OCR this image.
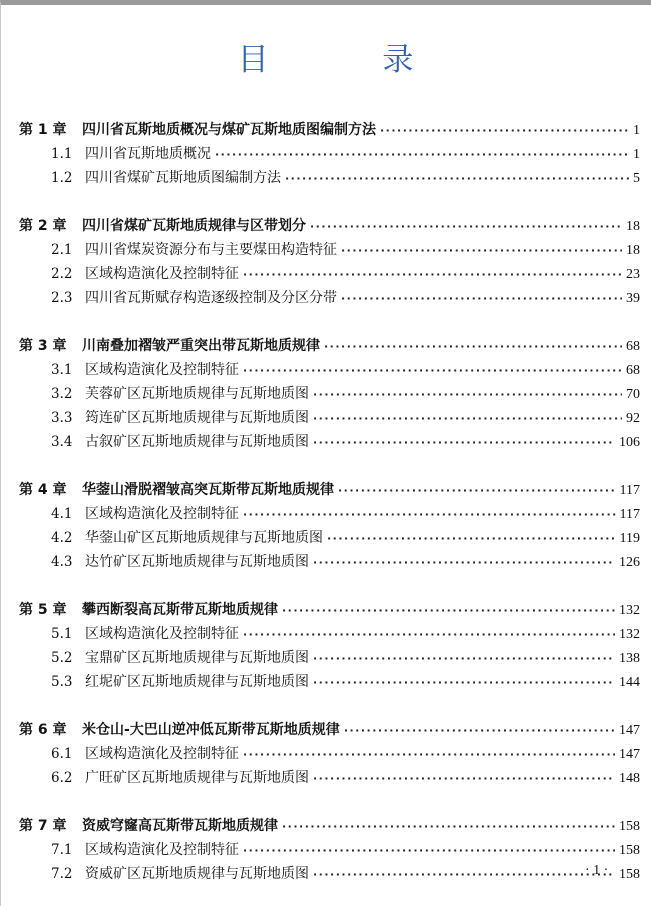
目 录
第 1 章	四川省瓦斯地质概况与煤矿瓦斯地质图编制方法 ·····	1
1.1 四川省瓦斯地质概况 ·····	1
1.2 四川省煤矿瓦斯地质图编制方法 ·····	5
第 2 章	四川省煤矿瓦斯地质规律与区带划分 ·····	18
2.1 四川省煤炭资源分布与主要煤田构造特征 ·····	18
2.2 区域构造演化及控制特征 ·····	23
2.3 四川省瓦斯赋存构造逐级控制及分区分带 ·····	39
第 3 章	川南叠加褶皱严重突出带瓦斯地质规律 ·····	68
3.1 区域构造演化及控制特征 ·····	68
3.2 芙蓉矿区瓦斯地质规律与瓦斯地质图 ·····	70
3.3 筠连矿区瓦斯地质规律与瓦斯地质图 ·····	92
3.4 古叙矿区瓦斯地质规律与瓦斯地质图 ·····	106
第 4 章	华蓥山滑脱褶皱高突瓦斯带瓦斯地质规律 ·····	117
4.1 区域构造演化及控制特征 ·····	117
4.2 华蓥山矿区瓦斯地质规律与瓦斯地质图 ·····	119
4.3 达竹矿区瓦斯地质规律与瓦斯地质图 ·····	126
第 5 章	攀西断裂高瓦斯带瓦斯地质规律 ·····	132
5.1 区域构造演化及控制特征 ·····	132
5.2 宝鼎矿区瓦斯地质规律与瓦斯地质图 ·····	138
5.3 红坭矿区瓦斯地质规律与瓦斯地质图 ·····	144
第 6 章	米仓山-大巴山逆冲低瓦斯带瓦斯地质规律 ·····	147
6.1 区域构造演化及控制特征 ·····	147
6.2 广旺矿区瓦斯地质规律与瓦斯地质图 ·····	148
第 7 章	资威穹窿高瓦斯带瓦斯地质规律 ·····	158
7.1 区域构造演化及控制特征 ·····	158
7.2 资威矿区瓦斯地质规律与瓦斯地质图 ·····	158
· 1 ·
